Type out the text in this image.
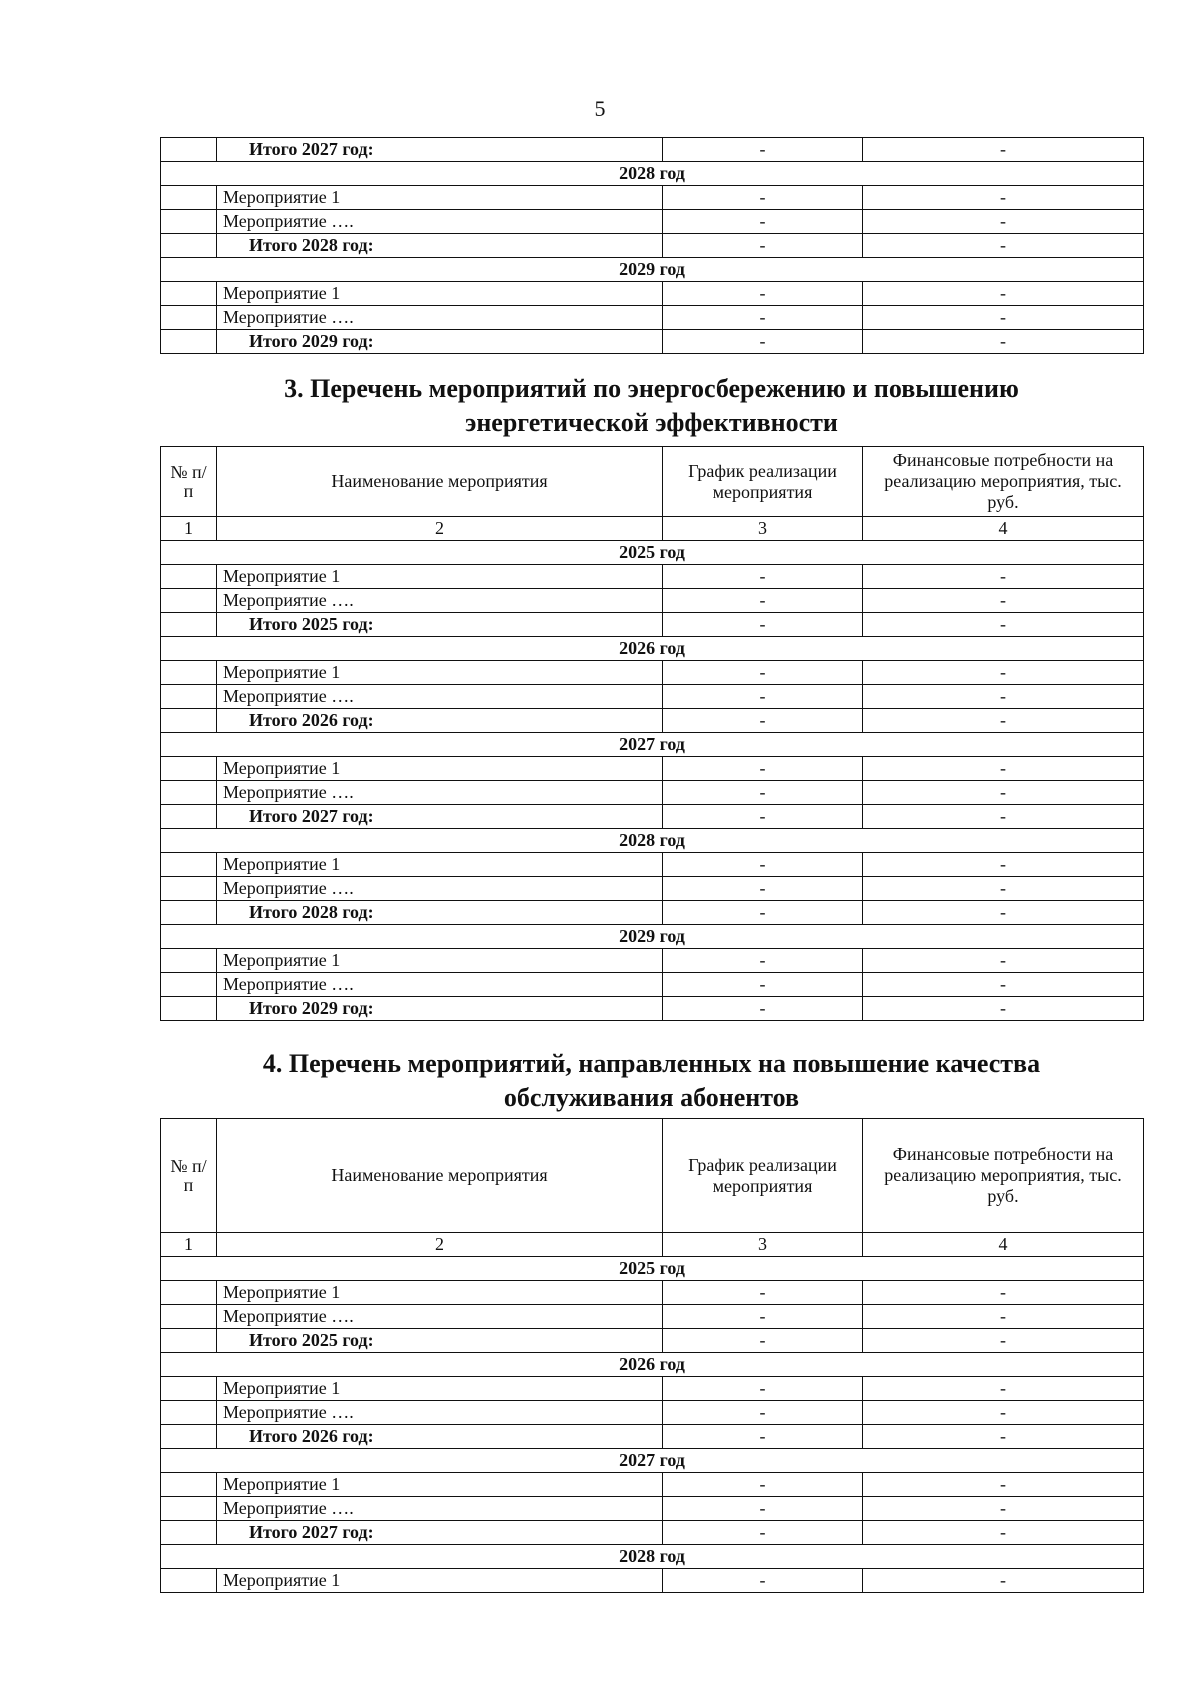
5
	Итого 2027 год:	-	-
2028 год			
	Мероприятие 1	-	-
	Мероприятие ….	-	-
	Итого 2028 год:	-	-
2029 год			
	Мероприятие 1	-	-
	Мероприятие ….	-	-
	Итого 2029 год:	-	-
3. Перечень мероприятий по энергосбережению и повышению
энергетической эффективности
№ п/п	Наименование мероприятия	График реализации мероприятия	Финансовые потребности на реализацию мероприятия, тыс. руб.
1	2	3	4
2025 год			
	Мероприятие 1	-	-
	Мероприятие ….	-	-
	Итого 2025 год:	-	-
2026 год			
	Мероприятие 1	-	-
	Мероприятие ….	-	-
	Итого 2026 год:	-	-
2027 год			
	Мероприятие 1	-	-
	Мероприятие ….	-	-
	Итого 2027 год:	-	-
2028 год			
	Мероприятие 1	-	-
	Мероприятие ….	-	-
	Итого 2028 год:	-	-
2029 год			
	Мероприятие 1	-	-
	Мероприятие ….	-	-
	Итого 2029 год:	-	-
4. Перечень мероприятий, направленных на повышение качества
обслуживания абонентов
№ п/п	Наименование мероприятия	График реализации мероприятия	Финансовые потребности на реализацию мероприятия, тыс. руб.
1	2	3	4
2025 год			
	Мероприятие 1	-	-
	Мероприятие ….	-	-
	Итого 2025 год:	-	-
2026 год			
	Мероприятие 1	-	-
	Мероприятие ….	-	-
	Итого 2026 год:	-	-
2027 год			
	Мероприятие 1	-	-
	Мероприятие ….	-	-
	Итого 2027 год:	-	-
2028 год			
	Мероприятие 1	-	-
